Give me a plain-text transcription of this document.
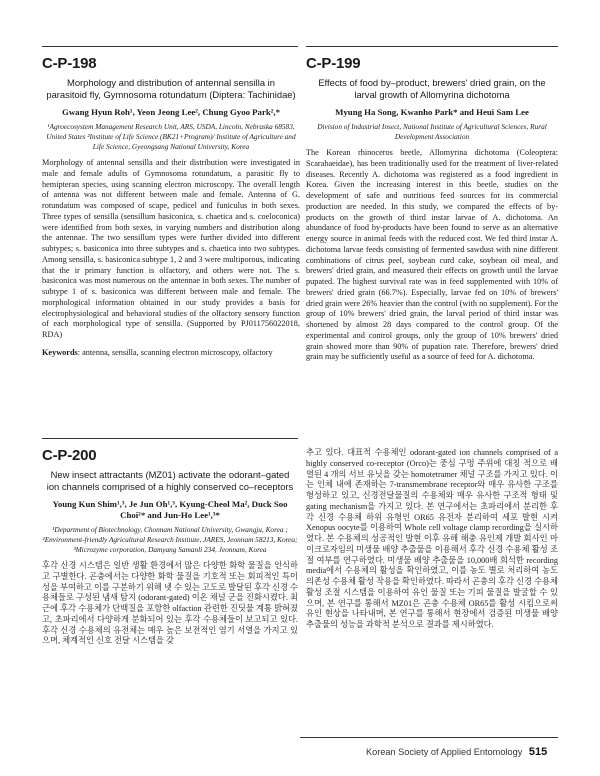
C-P-198
Morphology and distribution of antennal sensilla in parasitoid fly, Gymnosoma rotundatum (Diptera: Tachinidae)
Gwang Hyun Roh¹, Yeon Jeong Lee², Chung Gyoo Park²,*
¹Agroecosystem Management Research Unit, ARS, USDA, Lincoln, Nebraska 68583, United States ²Institute of Life Science (BK21+Program)/ Institute of Agriculture and Life Science, Gyeongsang National University, Korea

Morphology of antennal sensilla and their distribution were investigated in male and female adults of Gymnosoma rotundatum, a parasitic fly to hemipteran species, using scanning electron microscopy. The overall length of antenna was not different between male and female. Antenna of G. rotundatum was composed of scape, pedicel and funiculus in both sexes. Three types of sensilla (sensillum basiconica, s. chaetica and s. coeloconica) were identified from both sexes, in varying numbers and distribution along the antennae. The two sensillum types were further divided into different subtypes; s. basiconica into three subtypes and s. chaetica into two subtypes. Among sensilla, s. basiconica subtype 1, 2 and 3 were multiporous, indicating that the ir primary function is olfactory, and others were not. The s. basiconica was most numerous on the antennae in both sexes. The number of subtype 1 of s. basiconica was different between male and female. The morphological information obtained in our study provides a basis for electrophysiological and behavioral studies of the olfactory sensory function of each morphological type of sensilla. (Supported by PJ011756022018, RDA)

Keywords: antenna, sensilla, scanning electron microscopy, olfactory

C-P-199
Effects of food by–product, brewers' dried grain, on the larval growth of Allomyrina dichotoma
Myung Ha Song, Kwanho Park* and Heui Sam Lee
Division of Industrial Insect, National Institute of Agricultural Sciences, Rural Development Association

The Korean rhinoceros beetle, Allomyrina dichotoma (Coleoptera: Scarabaeidae), has been traditionally used for the treatment of liver-related diseases. Recently A. dichotoma was registered as a food ingredient in Korea. Given the increasing interest in this beetle, studies on the development of safe and nutritious feed sources for its commercial production are needed. In this study, we compared the effects of by-products on the growth of third instar larvae of A. dichotoma. An abundance of food by-products have been found to serve as an alternative energy source in animal feeds with the reduced cost. We fed third instar A. dichotoma larvae feeds consisting of fermented sawdust with nine different combinations of citrus peel, soybean curd cake, soybean oil meal, and brewers' dried grain, and measured their effects on growth until the larvae pupated. The highest survival rate was in feed supplemented with 10% of brewers' dried grain (66.7%). Especially, larvae fed on 10% of brewers' dried grain were 26% heavier than the control (with no supplement). For the group of 10% brewers' dried grain, the larval period of third instar was shortened by almost 28 days compared to the control group. Of the experimental and control groups, only the group of 10% brewers' dried grain showed more than 90% of pupation rate. Therefore, brewers' dried grain may be sufficiently useful as a source of feed for A. dichotoma.

C-P-200
New insect attractants (MZ01) activate the odorant–gated ion channels comprised of a highly conserved co–receptors
Young Kun Shim¹,³, Je Jun Oh¹,³, Kyung-Cheol Ma², Duck Soo Choi²* and Jun-Ho Lee¹,³*
¹Department of Biotechnology, Chonnam National University, Gwangju, Korea ; ²Environment-friendly Agricultural Research Institute, JARES, Jeonnam 58213, Korea; ³Microzyme corporation, Damyang Samanli 234, Jeonnam, Korea

후각 신경 시스템은 일반 생활 환경에서 많은 다양한 화학 물질을 인식하고 구별한다. 곤충에서는 다양한 화학 물질을 기호적 또는 회피적인 특이성을 부여하고 이를 구분하기 위해 넷 수 있는 고도로 발달된 후각 신경 수용체들로 구성된 냄새 탐지 (odorant-gated) 이온 채널 군을 진화시켰다. 최근에 후각 수용체가 단백질을 포함한 olfaction 관련한 진딧물 계통 밝혀졌고, 초파리에서 다양하게 분화되어 있는 후각 수용체들이 보고되고 있다. 후각 신경 수용체의 유전체는 매우 높은 보전적인 염기 서열을 가지고 있으며, 체계적인 신호 전달 시스템을 갖

추고 있다. 대표적 수용체인 odorant-gated ion channels comprised of a highly conserved co-receptor (Orco)는 중심 구멍 주위에 대칭 적으로 배열된 4 개의 서브 유닛을 갖는 homotetramer 채널 구조를 가지고 있다. 이는 인체 내에 존재하는 7-transmembrane receptor와 매우 유사한 구조를 형성하고 있고, 신경전달물질의 수용체와 매우 유사한 구조적 형태 및 gating mechanism을 가지고 있다. 본 연구에서는 초파리에서 분리한 후각 신경 수용체 하위 유형인 OR65 유전자 분리하여 세포 발현 시켜 Xenopus oocyte를 이용하여 Whole cell voltage clamp recording을 실시하였다. 본 수용체의 성공적인 발현 이후 유해 해충 유인제 개발 회사인 마이크로자임의 미생물 배양 추출물을 이용해서 후각 신경 수용체 활성 조절 여부를 연구하였다. 미생물 배양 추출물을 10,000배 희석한 recording media에서 수용체의 활성을 확인하였고, 이를 농도 별로 처리하여 농도 의존성 수용체 활성 작용을 확인하였다. 따라서 곤충의 후각 신경 수용체 활성 조절 시스템을 이용하여 유인 물질 또는 기피 물질을 발굴할 수 있으며, 본 연구를 통해서 MZ01은 곤충 수용체 OR65를 활성 시킴으로써 유인 현상을 나타내며, 본 연구를 통해서 현장에서 검증된 미생물 배양 추출물의 성능을 과학적 분석으로 결과를 제시하였다.

Korean Society of Applied Entomology 515
